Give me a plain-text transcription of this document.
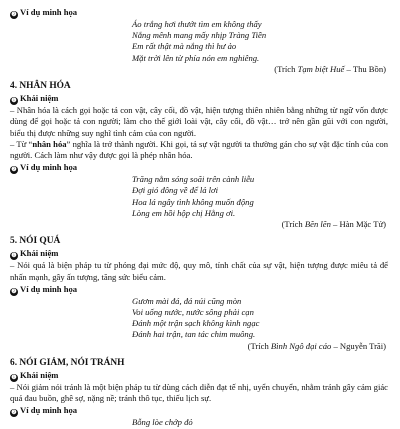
❷ Ví dụ minh họa
Áo trắng hơi thướt tìm em không thấy
Nắng mênh mang mấy nhịp Tràng Tiền
Em rất thật mà nắng thì hư ảo
Mặt trời lên từ phía nón em nghiêng.
(Trích Tạm biệt Huế – Thu Bồn)
4. NHÂN HÓA
❶ Khái niệm
– Nhân hóa là cách gọi hoặc tả con vật, cây cối, đồ vật, hiện tượng thiên nhiên bằng những từ ngữ vốn được dùng để gọi hoặc tả con người; làm cho thế giới loài vật, cây cối, đồ vật… trở nên gần gũi với con người, biểu thị được những suy nghĩ tình cảm của con người.
– Từ “nhân hóa” nghĩa là trở thành người. Khi gọi, tả sự vật người ta thường gán cho sự vật đặc tính của con người. Cách làm như vậy được gọi là phép nhân hóa.
❷ Ví dụ minh họa
Trăng nằm sóng soãi trên cành liễu
Đợi gió đông về để lả lơi
Hoa lá ngây tình không muốn động
Lòng em hồi hộp chị Hằng ơi.
(Trích Bẽn lẽn – Hàn Mặc Tử)
5. NÓI QUÁ
❶ Khái niệm
– Nói quá là biện pháp tu từ phóng đại mức độ, quy mô, tính chất của sự vật, hiện tượng được miêu tả để nhấn mạnh, gây ấn tượng, tăng sức biểu cảm.
❷ Ví dụ minh họa
Gươm mài đá, đá núi cũng mòn
Voi uống nước, nước sông phải cạn
Đánh một trận sạch không kình ngạc
Đánh hai trận, tan tác chim muông.
(Trích Bình Ngô đại cáo – Nguyễn Trãi)
6. NÓI GIẢM, NÓI TRÁNH
❶ Khái niệm
– Nói giảm nói tránh là một biện pháp tu từ dùng cách diễn đạt tế nhị, uyển chuyển, nhằm tránh gây cảm giác quá đau buồn, ghê sợ, nặng nề; tránh thô tục, thiếu lịch sự.
❷ Ví dụ minh họa
Bỗng lòe chớp đỏ
